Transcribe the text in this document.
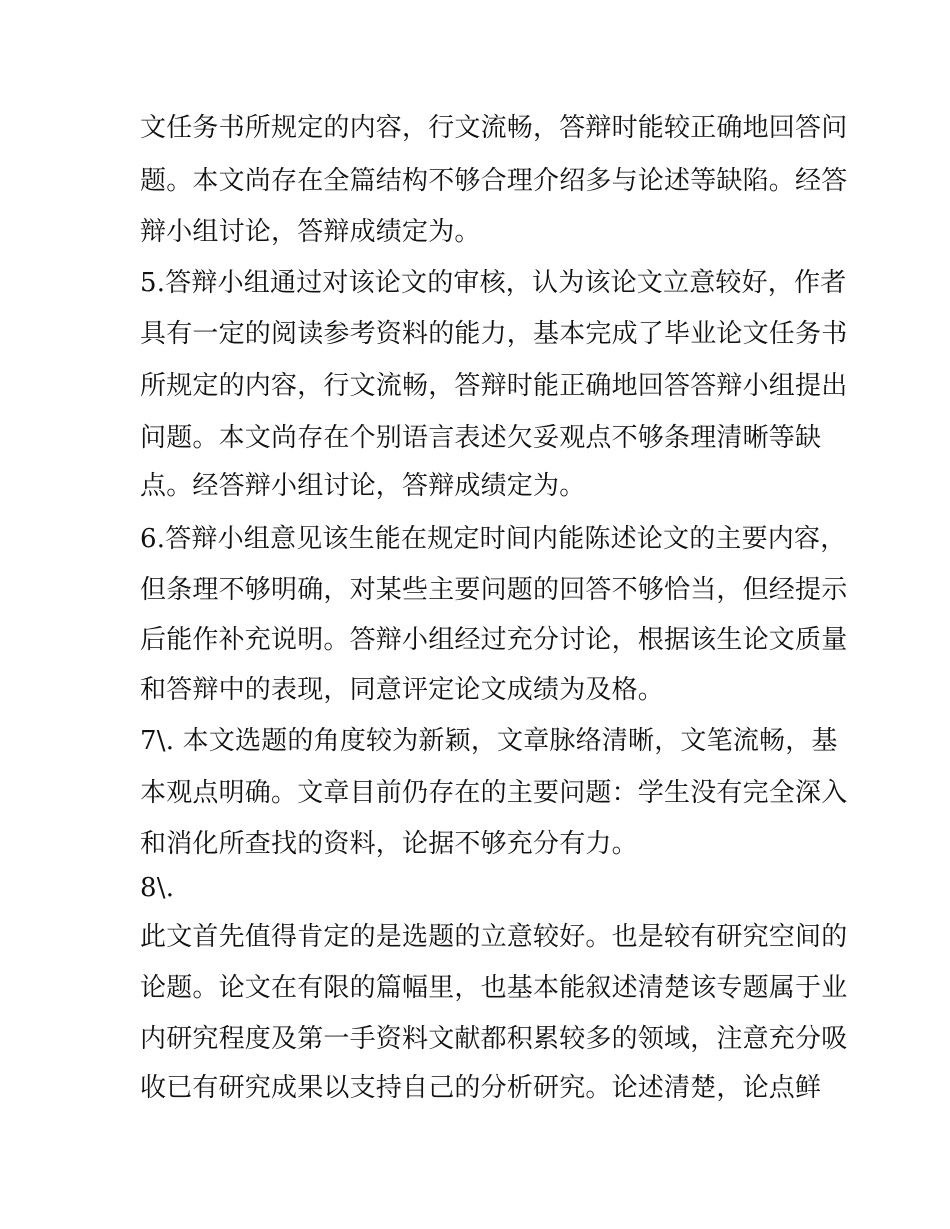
文任务书所规定的内容，行文流畅，答辩时能较正确地回答问
题。本文尚存在全篇结构不够合理介绍多与论述等缺陷。经答
辩小组讨论，答辩成绩定为。
5.答辩小组通过对该论文的审核，认为该论文立意较好，作者
具有一定的阅读参考资料的能力，基本完成了毕业论文任务书
所规定的内容，行文流畅，答辩时能正确地回答答辩小组提出
问题。本文尚存在个别语言表述欠妥观点不够条理清晰等缺
点。经答辩小组讨论，答辩成绩定为。
6.答辩小组意见该生能在规定时间内能陈述论文的主要内容，
但条理不够明确，对某些主要问题的回答不够恰当，但经提示
后能作补充说明。答辩小组经过充分讨论，根据该生论文质量
和答辩中的表现，同意评定论文成绩为及格。
7\. 本文选题的角度较为新颖，文章脉络清晰，文笔流畅，基
本观点明确。文章目前仍存在的主要问题：学生没有完全深入
和消化所查找的资料，论据不够充分有力。
8\.
此文首先值得肯定的是选题的立意较好。也是较有研究空间的
论题。论文在有限的篇幅里，也基本能叙述清楚该专题属于业
内研究程度及第一手资料文献都积累较多的领域，注意充分吸
收已有研究成果以支持自己的分析研究。论述清楚，论点鲜
